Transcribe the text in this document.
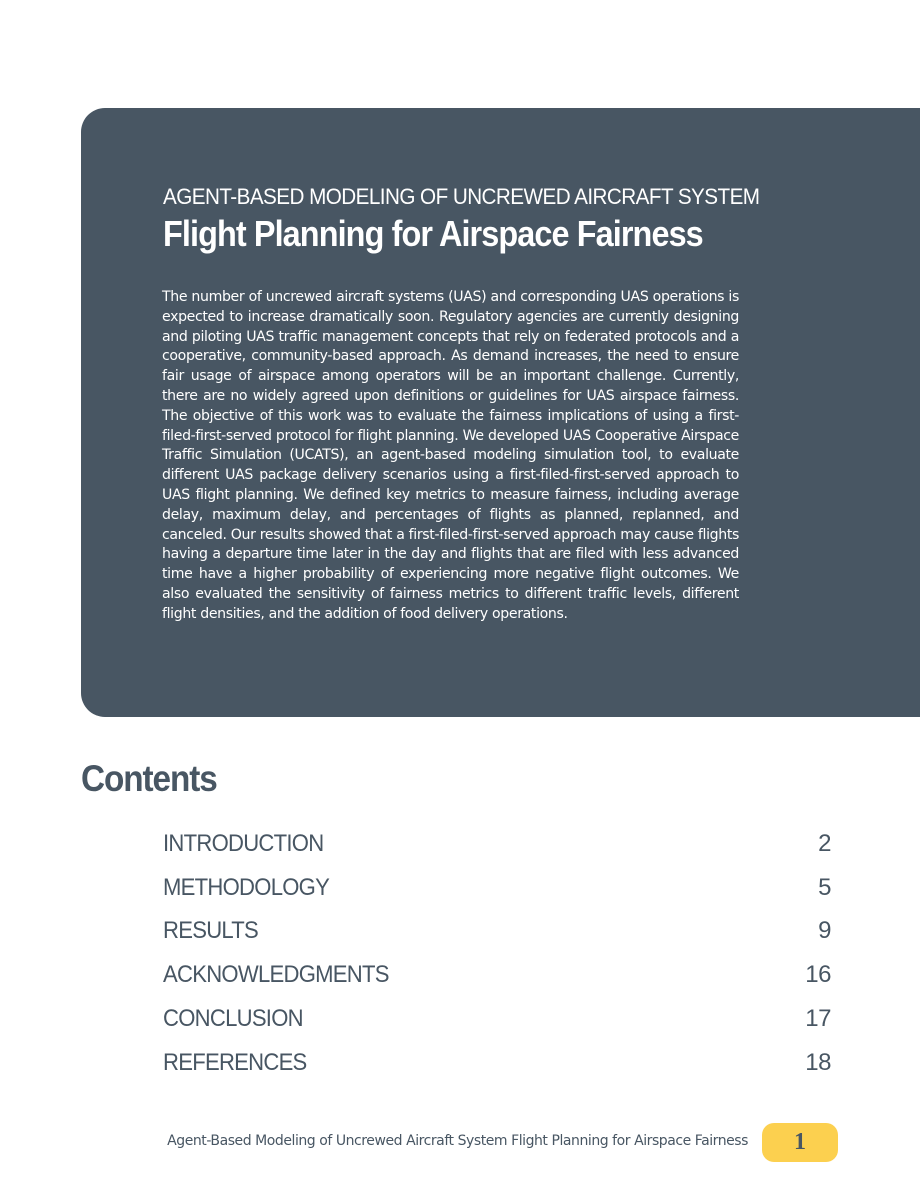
AGENT-BASED MODELING OF UNCREWED AIRCRAFT SYSTEM
Flight Planning for Airspace Fairness

The number of uncrewed aircraft systems (UAS) and corresponding UAS operations is expected to increase dramatically soon. Regulatory agencies are currently designing and piloting UAS traffic management concepts that rely on federated protocols and a cooperative, community-based approach. As demand increases, the need to ensure fair usage of airspace among operators will be an important challenge. Currently, there are no widely agreed upon definitions or guidelines for UAS airspace fairness. The objective of this work was to evaluate the fairness implications of using a first-filed-first-served protocol for flight planning. We developed UAS Cooperative Airspace Traffic Simulation (UCATS), an agent-based modeling simulation tool, to evaluate different UAS package delivery scenarios using a first-filed-first-served approach to UAS flight planning. We defined key metrics to measure fairness, including average delay, maximum delay, and percentages of flights as planned, replanned, and canceled. Our results showed that a first-filed-first-served approach may cause flights having a departure time later in the day and flights that are filed with less advanced time have a higher probability of experiencing more negative flight outcomes. We also evaluated the sensitivity of fairness metrics to different traffic levels, different flight densities, and the addition of food delivery operations.

Contents
INTRODUCTION	2
METHODOLOGY	5
RESULTS	9
ACKNOWLEDGMENTS	16
CONCLUSION	17
REFERENCES	18
Agent-Based Modeling of Uncrewed Aircraft System Flight Planning for Airspace Fairness	1
